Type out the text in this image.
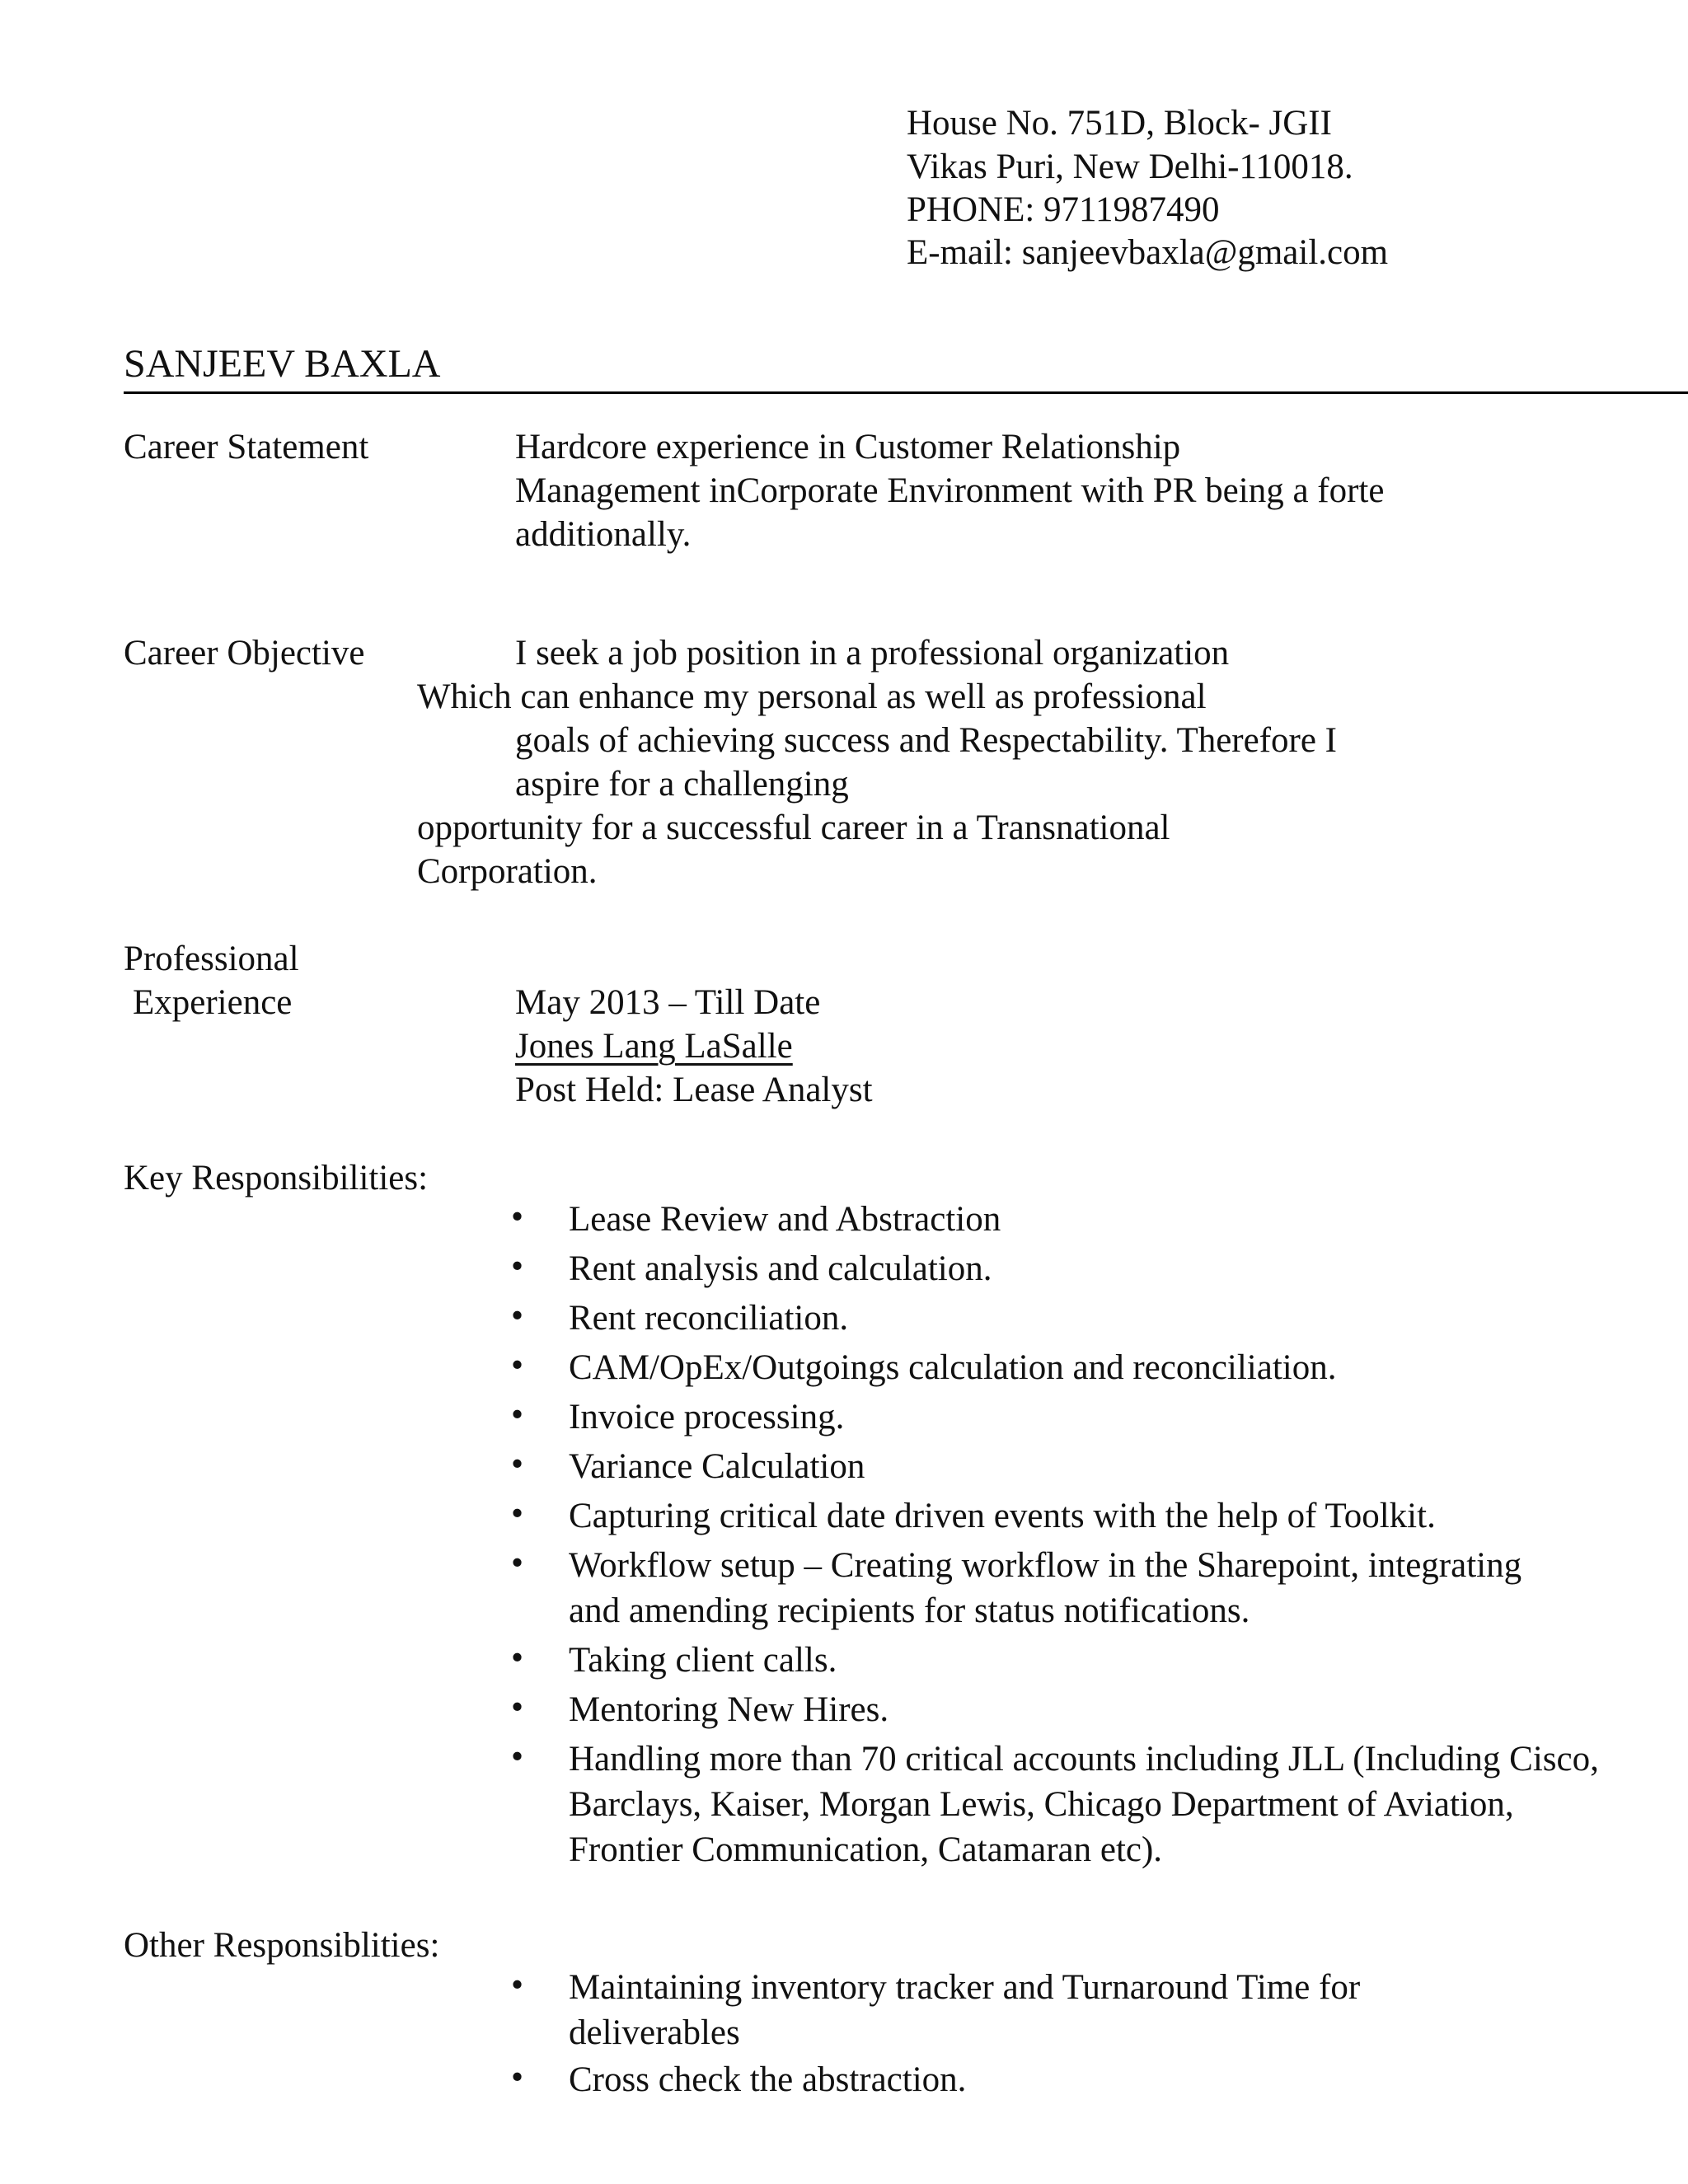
House No. 751D, Block- JGII
Vikas Puri, New Delhi-110018.
PHONE: 9711987490
E-mail: sanjeevbaxla@gmail.com
SANJEEV BAXLA
Career Statement	Hardcore experience in Customer Relationship
Management inCorporate Environment with PR being a forte
additionally.
Career Objective	I seek a job position in a professional organization
Which can enhance my personal as well as professional
goals of achieving success and Respectability. Therefore I
aspire for a challenging
opportunity for a successful career in a Transnational
Corporation.
Professional
Experience	May 2013 – Till Date
Jones Lang LaSalle
Post Held: Lease Analyst
Key Responsibilities:
• Lease Review and Abstraction
• Rent analysis and calculation.
• Rent reconciliation.
• CAM/OpEx/Outgoings calculation and reconciliation.
• Invoice processing.
• Variance Calculation
• Capturing critical date driven events with the help of Toolkit.
• Workflow setup – Creating workflow in the Sharepoint, integrating and amending recipients for status notifications.
• Taking client calls.
• Mentoring New Hires.
• Handling more than 70 critical accounts including JLL (Including Cisco, Barclays, Kaiser, Morgan Lewis, Chicago Department of Aviation, Frontier Communication, Catamaran etc).
Other Responsiblities:
• Maintaining inventory tracker and Turnaround Time for deliverables
• Cross check the abstraction.
